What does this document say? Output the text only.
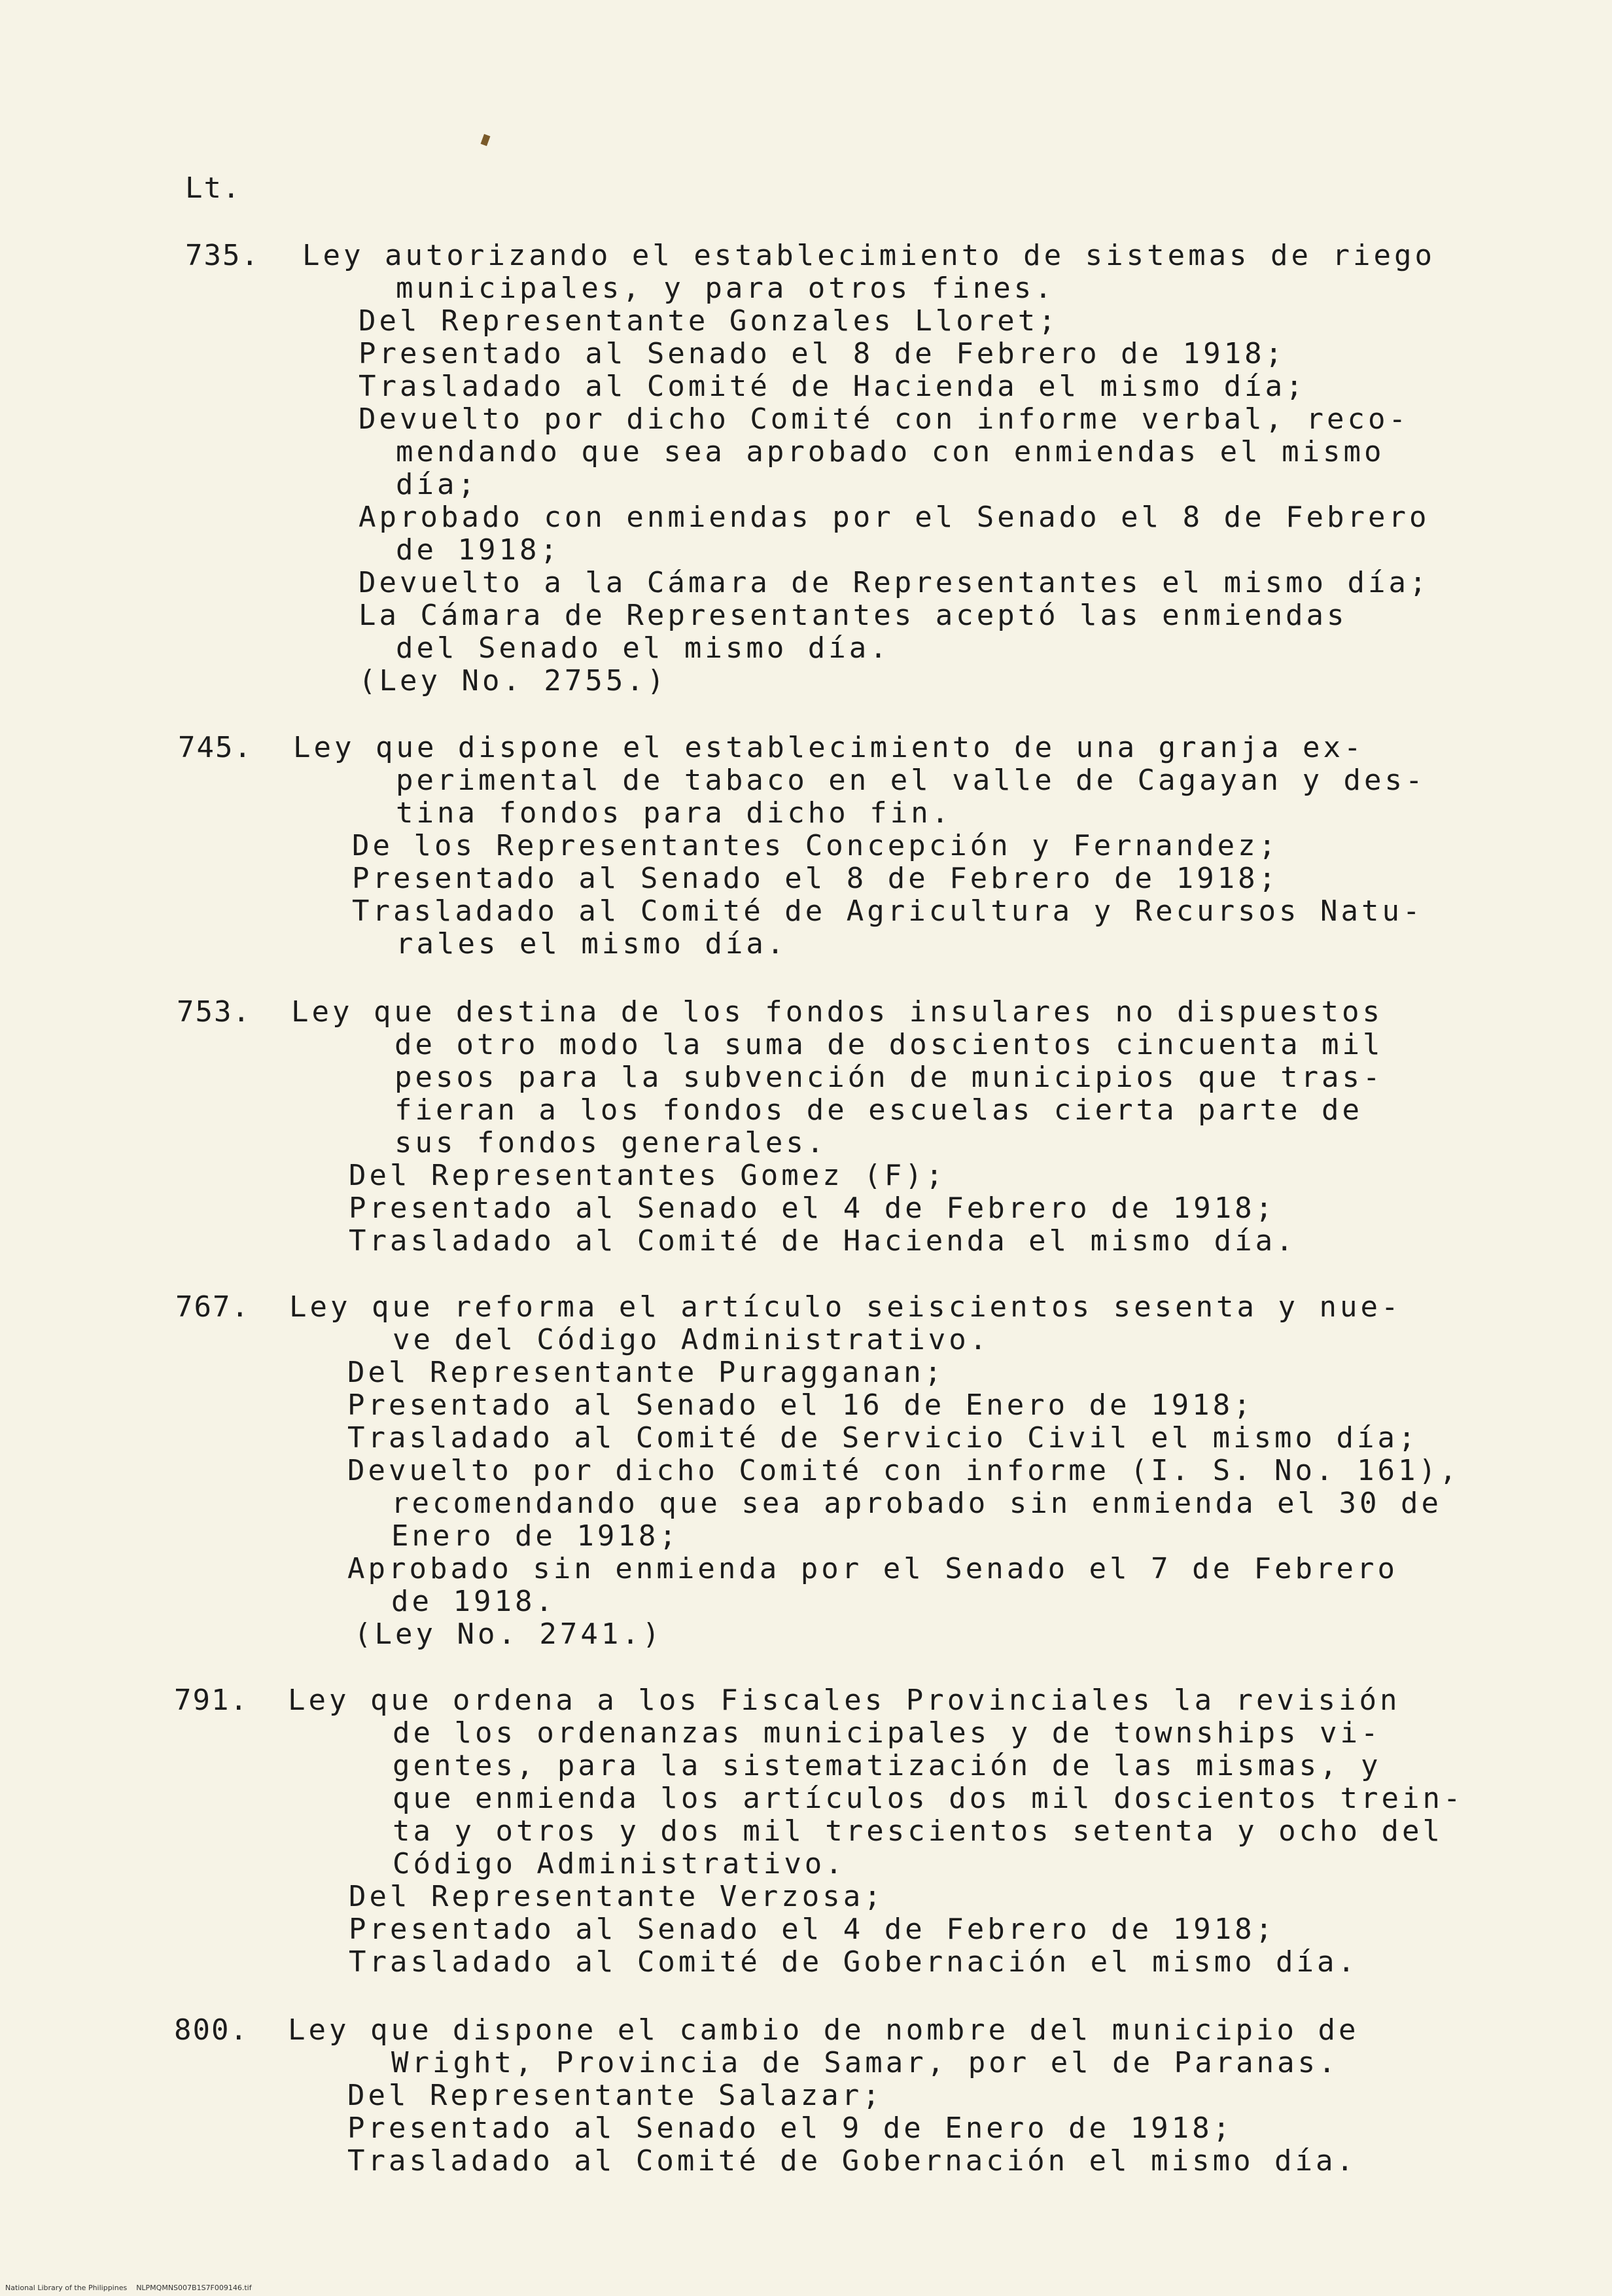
Lt.
735. Ley autorizando el establecimiento de sistemas de riego
municipales, y para otros fines.
Del Representante Gonzales Lloret;
Presentado al Senado el 8 de Febrero de 1918;
Trasladado al Comité de Hacienda el mismo día;
Devuelto por dicho Comité con informe verbal, reco-
mendando que sea aprobado con enmiendas el mismo
día;
Aprobado con enmiendas por el Senado el 8 de Febrero
de 1918;
Devuelto a la Cámara de Representantes el mismo día;
La Cámara de Representantes aceptó las enmiendas
del Senado el mismo día.
(Ley No. 2755.)
745. Ley que dispone el establecimiento de una granja ex-
perimental de tabaco en el valle de Cagayan y des-
tina fondos para dicho fin.
De los Representantes Concepción y Fernandez;
Presentado al Senado el 8 de Febrero de 1918;
Trasladado al Comité de Agricultura y Recursos Natu-
rales el mismo día.
753. Ley que destina de los fondos insulares no dispuestos
de otro modo la suma de doscientos cincuenta mil
pesos para la subvención de municipios que tras-
fieran a los fondos de escuelas cierta parte de
sus fondos generales.
Del Representantes Gomez (F);
Presentado al Senado el 4 de Febrero de 1918;
Trasladado al Comité de Hacienda el mismo día.
767. Ley que reforma el artículo seiscientos sesenta y nue-
ve del Código Administrativo.
Del Representante Puragganan;
Presentado al Senado el 16 de Enero de 1918;
Trasladado al Comité de Servicio Civil el mismo día;
Devuelto por dicho Comité con informe (I. S. No. 161),
recomendando que sea aprobado sin enmienda el 30 de
Enero de 1918;
Aprobado sin enmienda por el Senado el 7 de Febrero
de 1918.
(Ley No. 2741.)
791. Ley que ordena a los Fiscales Provinciales la revisión
de los ordenanzas municipales y de townships vi-
gentes, para la sistematización de las mismas, y
que enmienda los artículos dos mil doscientos trein-
ta y otros y dos mil trescientos setenta y ocho del
Código Administrativo.
Del Representante Verzosa;
Presentado al Senado el 4 de Febrero de 1918;
Trasladado al Comité de Gobernación el mismo día.
800. Ley que dispone el cambio de nombre del municipio de
Wright, Provincia de Samar, por el de Paranas.
Del Representante Salazar;
Presentado al Senado el 9 de Enero de 1918;
Trasladado al Comité de Gobernación el mismo día.
National Library of the Philippines    NLPMQMNS007B1S7F009146.tif
